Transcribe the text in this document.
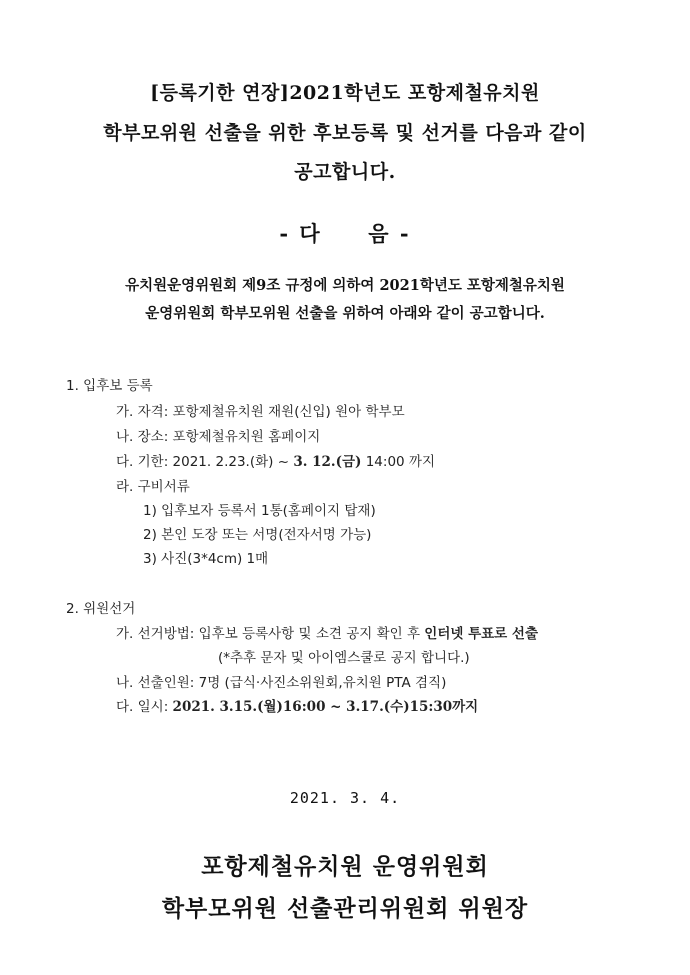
[등록기한 연장]2021학년도 포항제철유치원
학부모위원 선출을 위한 후보등록 및 선거를 다음과 같이
공고합니다.
- 다     음 -
유치원운영위원회 제9조 규정에 의하여 2021학년도 포항제철유치원
운영위원회 학부모위원 선출을 위하여 아래와 같이 공고합니다.
1. 입후보 등록
가. 자격: 포항제철유치원 재원(신입) 원아 학부모
나. 장소: 포항제철유치원 홈페이지
다. 기한: 2021. 2.23.(화) ~ 3. 12.(금) 14:00 까지
라. 구비서류
1) 입후보자 등록서 1통(홈페이지 탑재)
2) 본인 도장 또는 서명(전자서명 가능)
3) 사진(3*4cm) 1매
2. 위원선거
가. 선거방법: 입후보 등록사항 및 소견 공지 확인 후 인터넷 투표로 선출
(*추후 문자 및 아이엠스쿨로 공지 합니다.)
나. 선출인원: 7명 (급식·사진소위원회,유치원 PTA 겸직)
다. 일시: 2021. 3.15.(월)16:00 ~ 3.17.(수)15:30까지
2021. 3. 4.
포항제철유치원 운영위원회
학부모위원 선출관리위원회 위원장
